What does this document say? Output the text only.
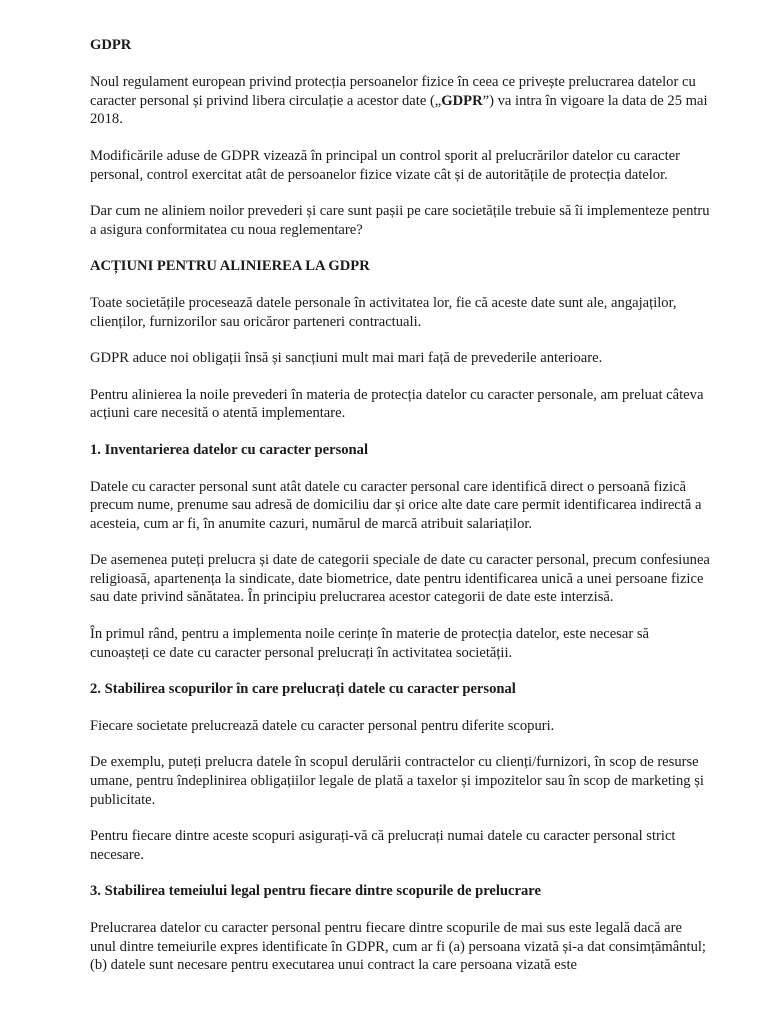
GDPR

Noul regulament european privind protecția persoanelor fizice în ceea ce privește prelucrarea datelor cu caracter personal și privind libera circulație a acestor date („GDPR”) va intra în vigoare la data de 25 mai 2018.

Modificările aduse de GDPR vizează în principal un control sporit al prelucrărilor datelor cu caracter personal, control exercitat atât de persoanelor fizice vizate cât și de autoritățile de protecția datelor.

Dar cum ne aliniem noilor prevederi și care sunt pașii pe care societățile trebuie să îi implementeze pentru a asigura conformitatea cu noua reglementare?

ACȚIUNI PENTRU ALINIEREA LA GDPR

Toate societățile procesează datele personale în activitatea lor, fie că aceste date sunt ale, angajaților, clienților, furnizorilor sau oricăror parteneri contractuali.

GDPR aduce noi obligații însă și sancțiuni mult mai mari față de prevederile anterioare.

Pentru alinierea la noile prevederi în materia de protecția datelor cu caracter personale, am preluat câteva acțiuni care necesită o atentă implementare.

1. Inventarierea datelor cu caracter personal

Datele cu caracter personal sunt atât datele cu caracter personal care identifică direct o persoană fizică precum nume, prenume sau adresă de domiciliu dar și orice alte date care permit identificarea indirectă a acesteia, cum ar fi, în anumite cazuri, numărul de marcă atribuit salariaților.

De asemenea puteți prelucra și date de categorii speciale de date cu caracter personal, precum confesiunea religioasă, apartenența la sindicate, date biometrice, date pentru identificarea unică a unei persoane fizice sau date privind sănătatea. În principiu prelucrarea acestor categorii de date este interzisă.

În primul rând, pentru a implementa noile cerințe în materie de protecția datelor, este necesar să cunoașteți ce date cu caracter personal prelucrați în activitatea societății.

2. Stabilirea scopurilor în care prelucrați datele cu caracter personal

Fiecare societate prelucrează datele cu caracter personal pentru diferite scopuri.

De exemplu, puteți prelucra datele în scopul derulării contractelor cu clienți/furnizori, în scop de resurse umane, pentru îndeplinirea obligațiilor legale de plată a taxelor și impozitelor sau în scop de marketing și publicitate.

Pentru fiecare dintre aceste scopuri asigurați-vă că prelucrați numai datele cu caracter personal strict necesare.

3. Stabilirea temeiului legal pentru fiecare dintre scopurile de prelucrare

Prelucrarea datelor cu caracter personal pentru fiecare dintre scopurile de mai sus este legală dacă are unul dintre temeiurile expres identificate în GDPR, cum ar fi (a) persoana vizată și-a dat consimțământul; (b) datele sunt necesare pentru executarea unui contract la care persoana vizată este
